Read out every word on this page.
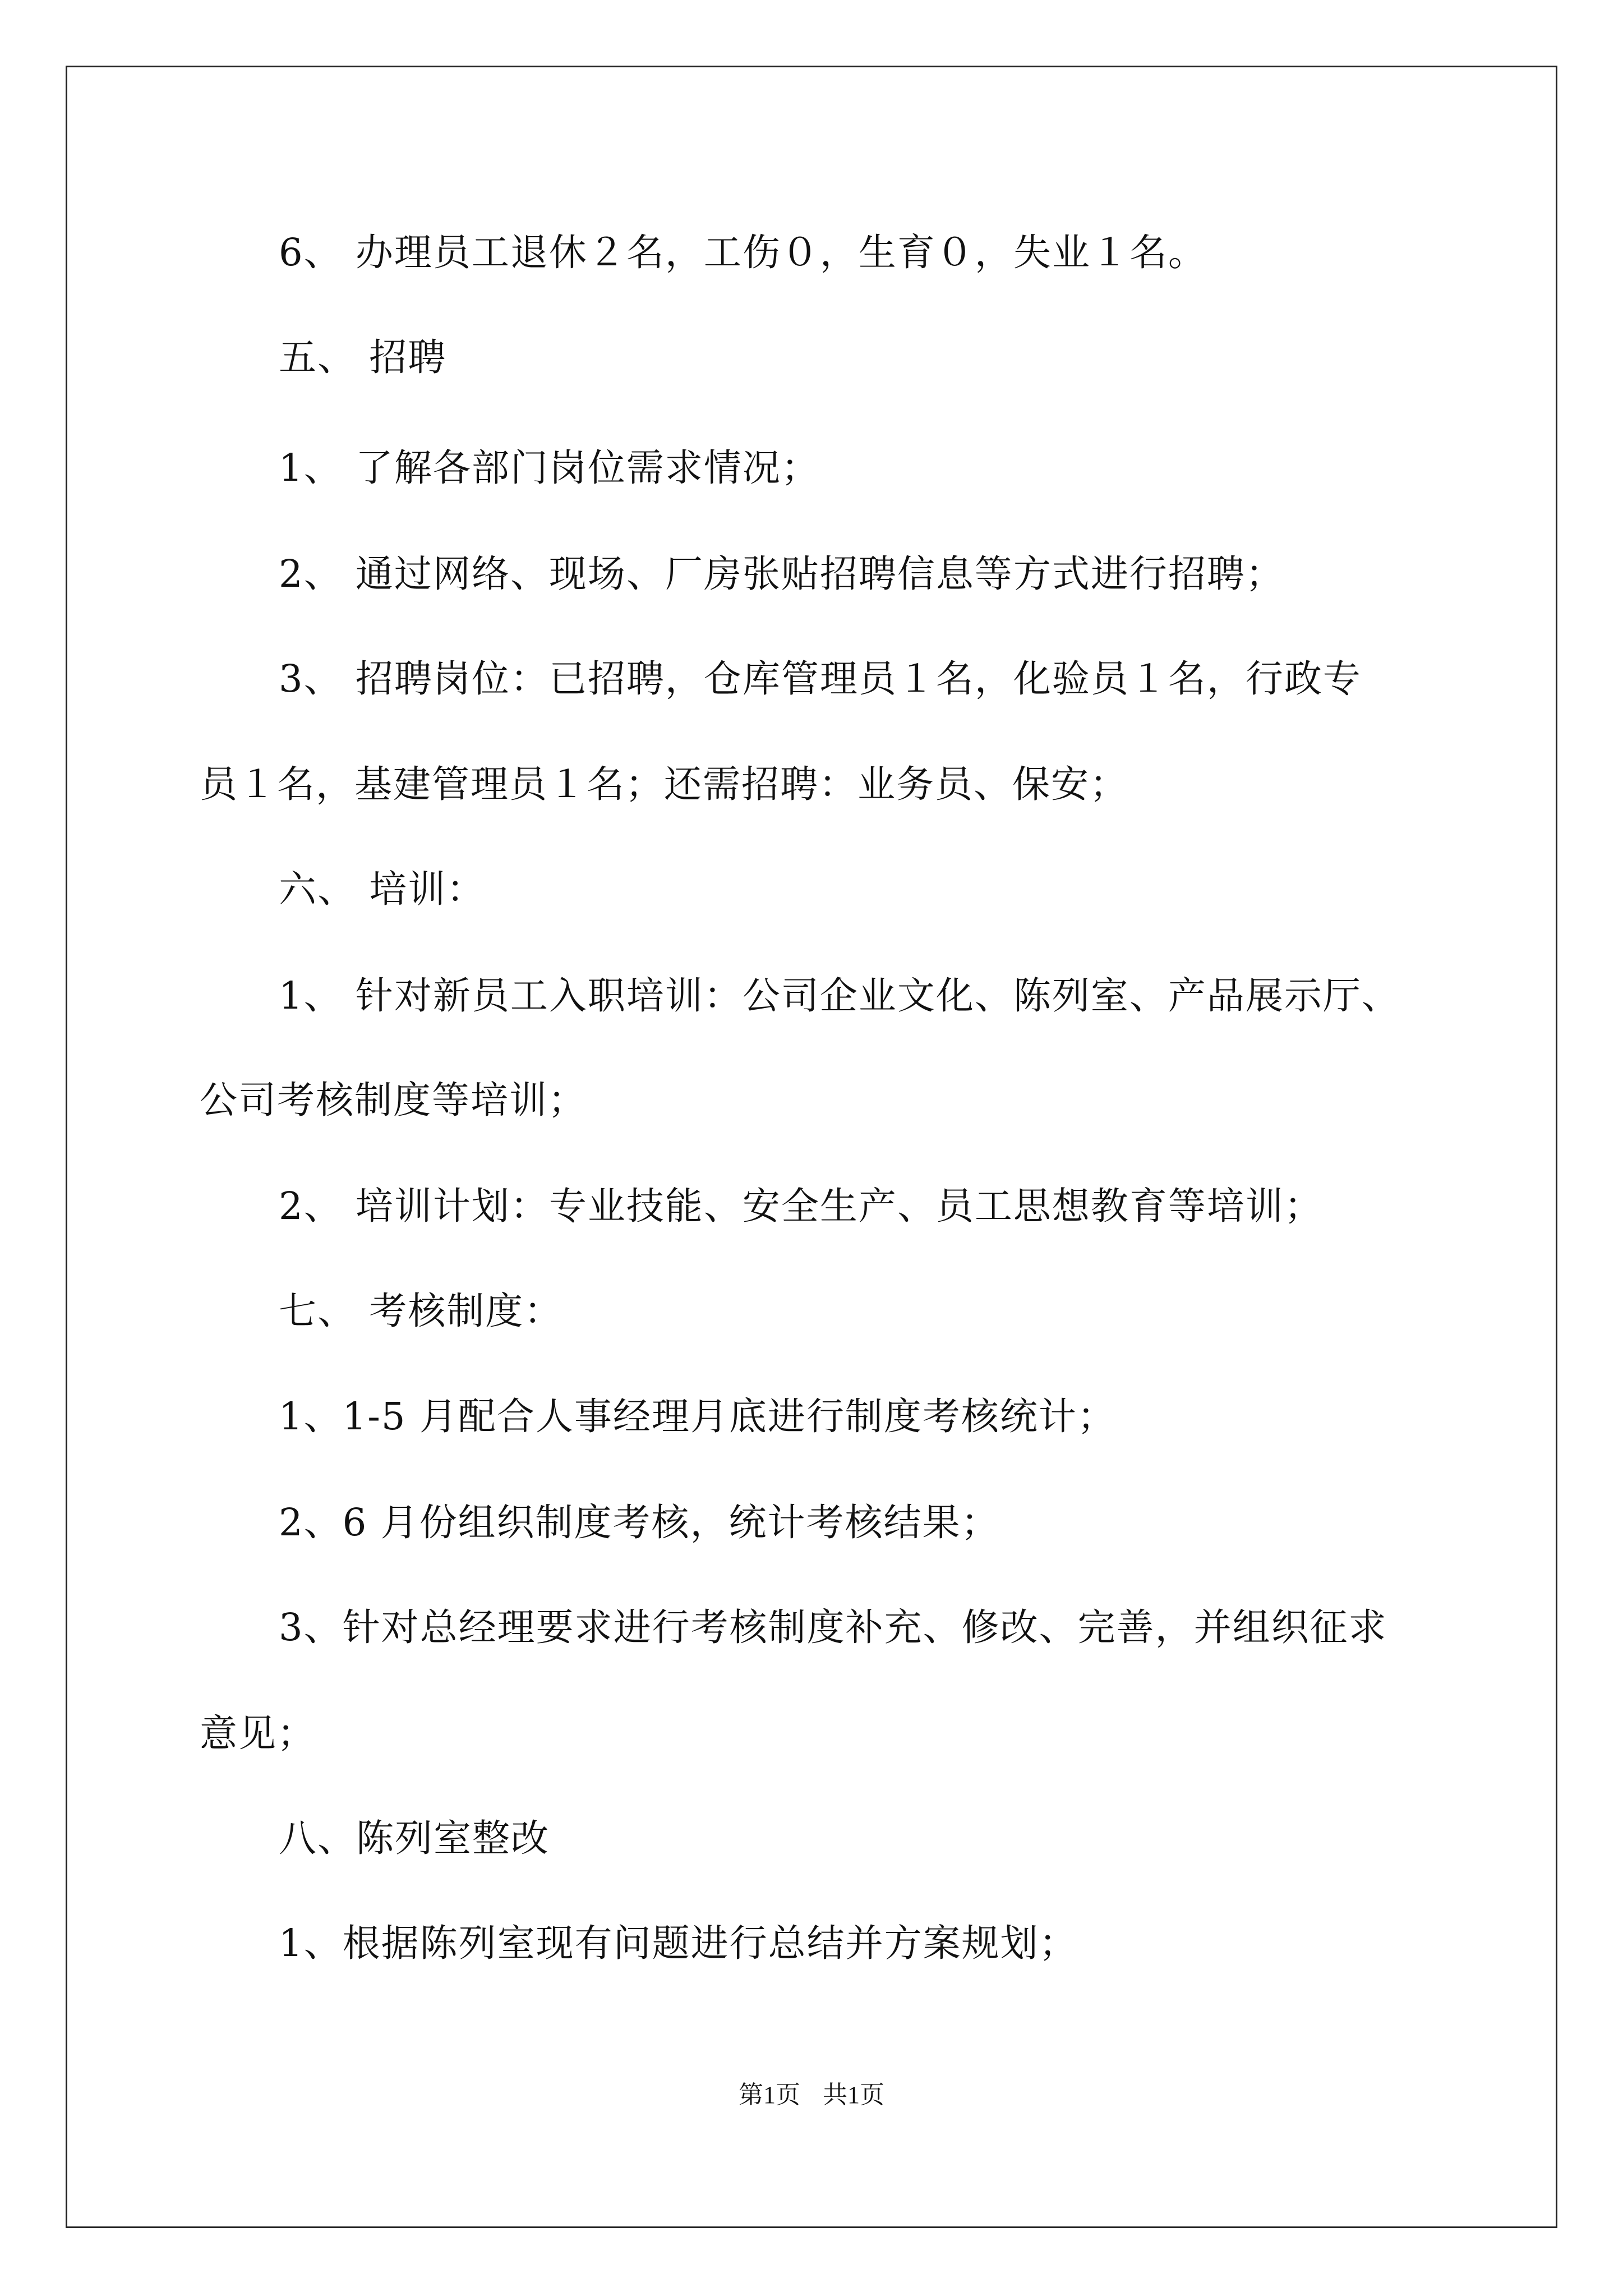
6、 办理员工退休２名，工伤０，生育０，失业１名。
五、 招聘
1、 了解各部门岗位需求情况；
2、 通过网络、现场、厂房张贴招聘信息等方式进行招聘；
3、 招聘岗位：已招聘，仓库管理员１名，化验员１名，行政专
员１名，基建管理员１名；还需招聘：业务员、保安；
六、 培训：
1、 针对新员工入职培训：公司企业文化、陈列室、产品展示厅、
公司考核制度等培训；
2、 培训计划：专业技能、安全生产、员工思想教育等培训；
七、 考核制度：
1、1-5 月配合人事经理月底进行制度考核统计；
2、6 月份组织制度考核，统计考核结果；
3、针对总经理要求进行考核制度补充、修改、完善，并组织征求
意见；
八、陈列室整改
1、根据陈列室现有问题进行总结并方案规划；
第1页 共1页
